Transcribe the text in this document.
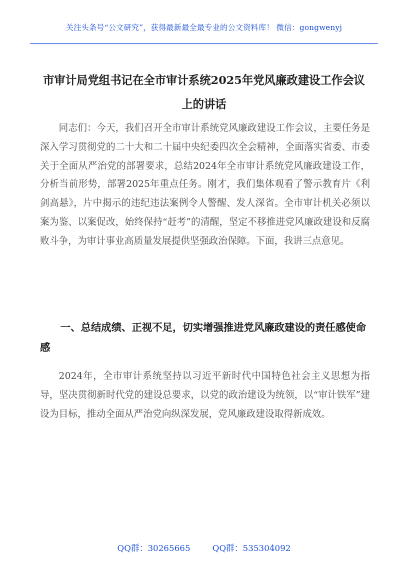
关注头条号“公文研究”，获得最新最全最专业的公文资料库！ 微信：gongwenyj
市审计局党组书记在全市审计系统2025年党风廉政建设工作会议上的讲话

同志们：今天，我们召开全市审计系统党风廉政建设工作会议，主要任务是深入学习贯彻党的二十大和二十届中央纪委四次全会精神，全面落实省委、市委关于全面从严治党的部署要求，总结2024年全市审计系统党风廉政建设工作，分析当前形势，部署2025年重点任务。刚才，我们集体观看了警示教育片《利剑高悬》，片中揭示的违纪违法案例令人警醒、发人深省。全市审计机关必须以案为鉴、以案促改，始终保持“赶考”的清醒，坚定不移推进党风廉政建设和反腐败斗争，为审计事业高质量发展提供坚强政治保障。下面，我讲三点意见。

一、总结成绩、正视不足，切实增强推进党风廉政建设的责任感使命感

2024年，全市审计系统坚持以习近平新时代中国特色社会主义思想为指导，坚决贯彻新时代党的建设总要求，以党的政治建设为统领，以“审计铁军”建设为目标，推动全面从严治党向纵深发展，党风廉政建设取得新成效。

QQ群：30265665	QQ群：535304092
